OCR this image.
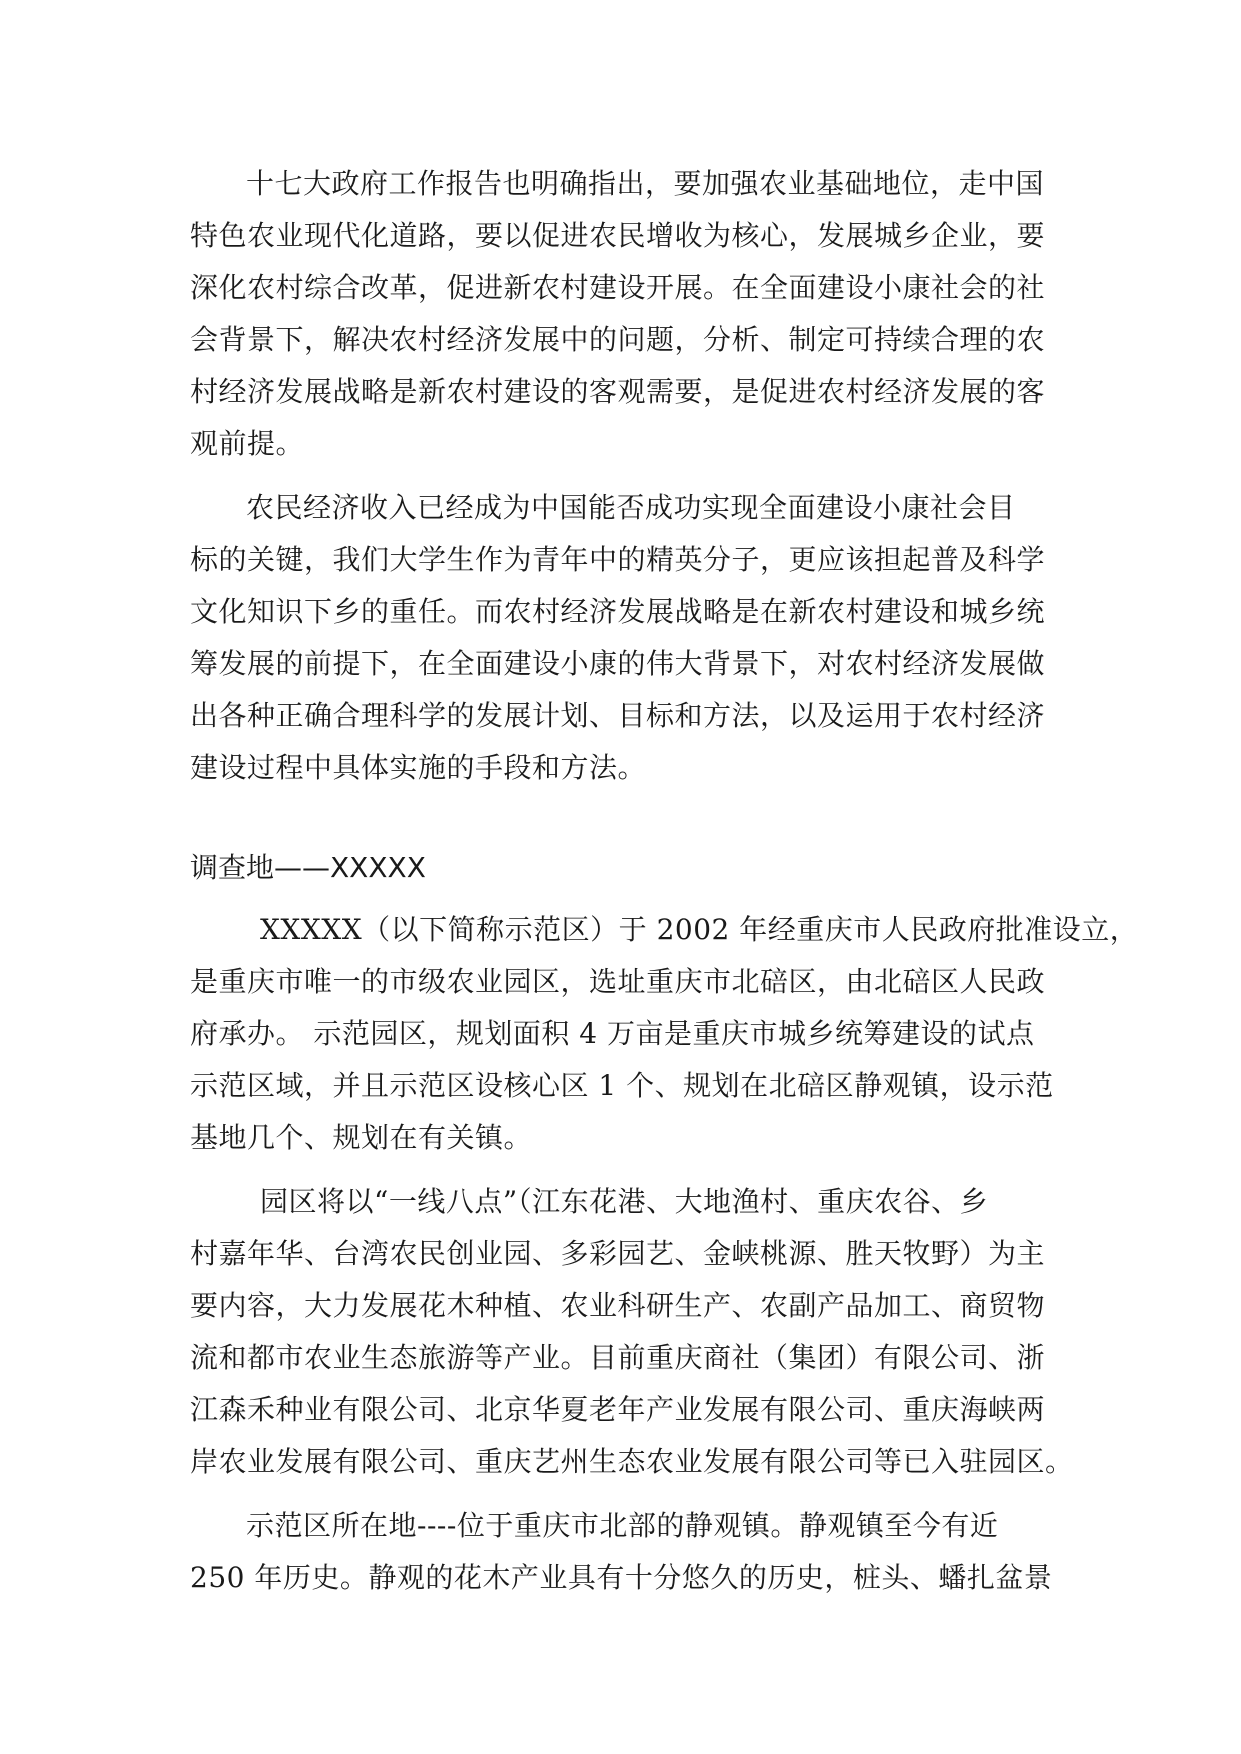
十七大政府工作报告也明确指出，要加强农业基础地位，走中国
特色农业现代化道路，要以促进农民增收为核心，发展城乡企业，要
深化农村综合改革，促进新农村建设开展。在全面建设小康社会的社
会背景下，解决农村经济发展中的问题，分析、制定可持续合理的农
村经济发展战略是新农村建设的客观需要，是促进农村经济发展的客
观前提。
农民经济收入已经成为中国能否成功实现全面建设小康社会目
标的关键，我们大学生作为青年中的精英分子，更应该担起普及科学
文化知识下乡的重任。而农村经济发展战略是在新农村建设和城乡统
筹发展的前提下，在全面建设小康的伟大背景下，对农村经济发展做
出各种正确合理科学的发展计划、目标和方法，以及运用于农村经济
建设过程中具体实施的手段和方法。
调查地——XXXXX
XXXXX（以下简称示范区）于 2002 年经重庆市人民政府批准设立，
是重庆市唯一的市级农业园区，选址重庆市北碚区，由北碚区人民政
府承办。 示范园区，规划面积 4 万亩是重庆市城乡统筹建设的试点
示范区域，并且示范区设核心区 1 个、规划在北碚区静观镇，设示范
基地几个、规划在有关镇。
园区将以“一线八点”（江东花港、大地渔村、重庆农谷、乡
村嘉年华、台湾农民创业园、多彩园艺、金峡桃源、胜天牧野）为主
要内容，大力发展花木种植、农业科研生产、农副产品加工、商贸物
流和都市农业生态旅游等产业。目前重庆商社（集团）有限公司、浙
江森禾种业有限公司、北京华夏老年产业发展有限公司、重庆海峡两
岸农业发展有限公司、重庆艺州生态农业发展有限公司等已入驻园区。
示范区所在地----位于重庆市北部的静观镇。静观镇至今有近
250 年历史。静观的花木产业具有十分悠久的历史，桩头、蟠扎盆景
